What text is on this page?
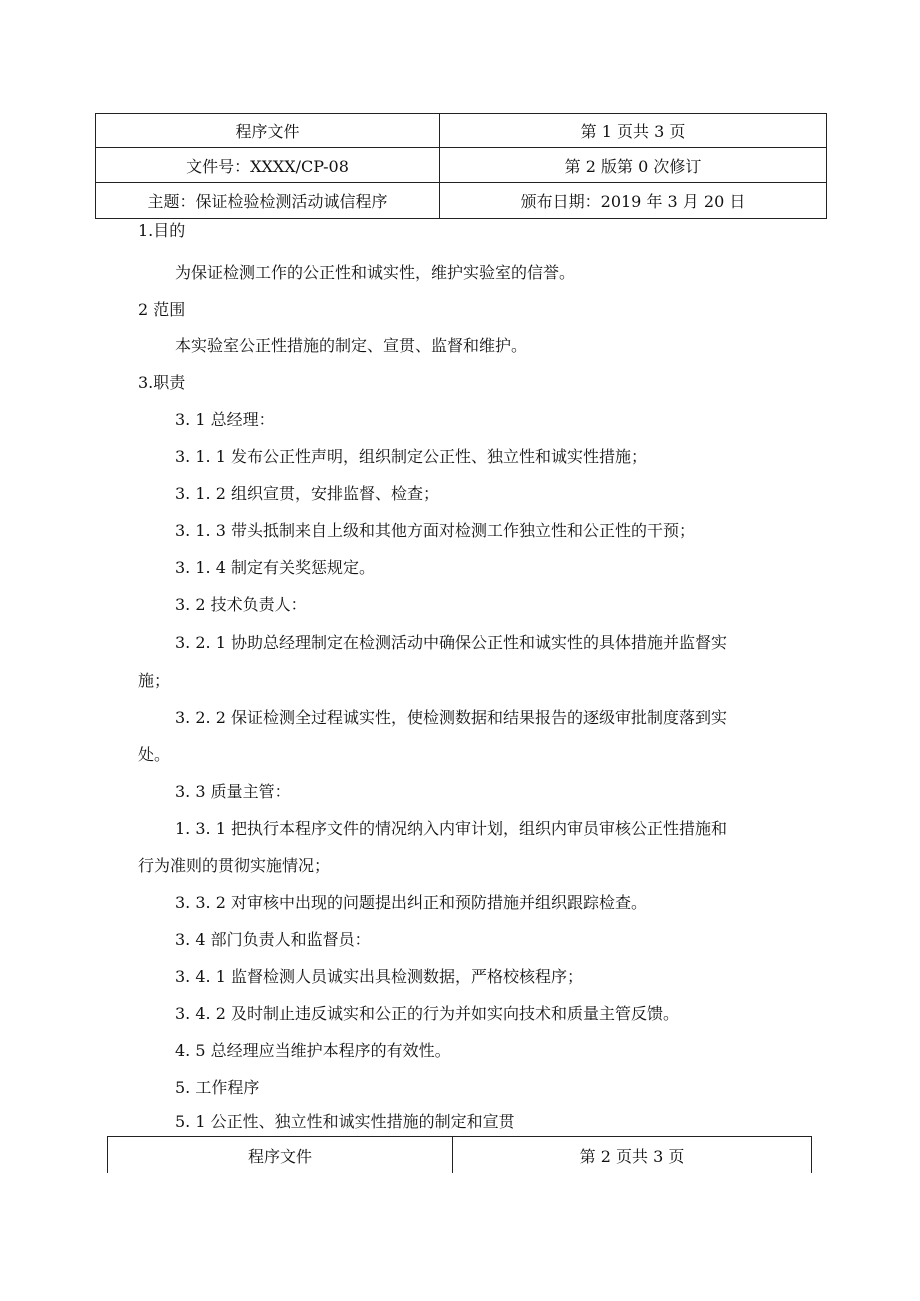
程序文件	第 1 页共 3 页
文件号：XXXX/CP-08	第 2 版第 0 次修订
主题：保证检验检测活动诚信程序	颁布日期：2019 年 3 月 20 日
1.目的
为保证检测工作的公正性和诚实性，维护实验室的信誉。
2 范围
本实验室公正性措施的制定、宣贯、监督和维护。
3.职责
3. 1 总经理：
3. 1. 1 发布公正性声明，组织制定公正性、独立性和诚实性措施；
3. 1. 2 组织宣贯，安排监督、检查；
3. 1. 3 带头抵制来自上级和其他方面对检测工作独立性和公正性的干预；
3. 1. 4 制定有关奖惩规定。
3. 2 技术负责人：
3. 2. 1 协助总经理制定在检测活动中确保公正性和诚实性的具体措施并监督实
施；
3. 2. 2 保证检测全过程诚实性，使检测数据和结果报告的逐级审批制度落到实
处。
3. 3 质量主管：
1. 3. 1 把执行本程序文件的情况纳入内审计划，组织内审员审核公正性措施和
行为准则的贯彻实施情况；
3. 3. 2 对审核中出现的问题提出纠正和预防措施并组织跟踪检查。
3. 4 部门负责人和监督员：
3. 4. 1 监督检测人员诚实出具检测数据，严格校核程序；
3. 4. 2 及时制止违反诚实和公正的行为并如实向技术和质量主管反馈。
4. 5 总经理应当维护本程序的有效性。
5. 工作程序
5. 1 公正性、独立性和诚实性措施的制定和宣贯
程序文件	第 2 页共 3 页
